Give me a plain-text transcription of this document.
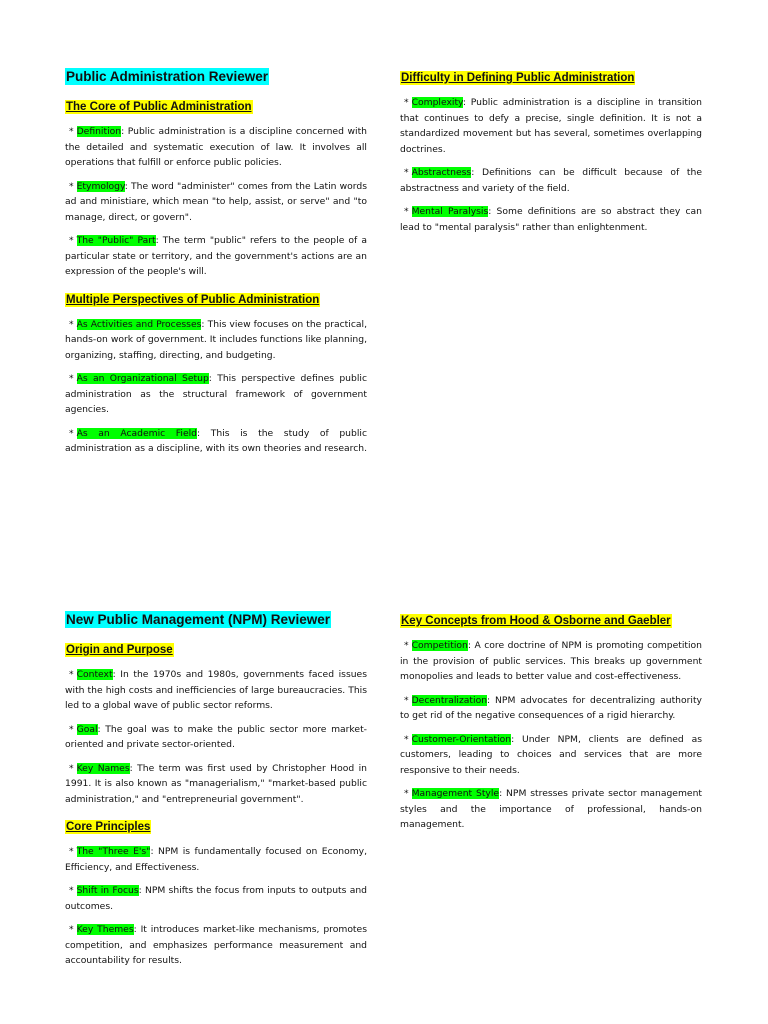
Public Administration Reviewer
The Core of Public Administration

* Definition: Public administration is a discipline concerned with the detailed and systematic execution of law. It involves all operations that fulfill or enforce public policies.

* Etymology: The word "administer" comes from the Latin words ad and ministiare, which mean "to help, assist, or serve" and "to manage, direct, or govern".

* The "Public" Part: The term "public" refers to the people of a particular state or territory, and the government's actions are an expression of the people's will.

Multiple Perspectives of Public Administration

* As Activities and Processes: This view focuses on the practical, hands-on work of government. It includes functions like planning, organizing, staffing, directing, and budgeting.

* As an Organizational Setup: This perspective defines public administration as the structural framework of government agencies.

* As an Academic Field: This is the study of public administration as a discipline, with its own theories and research.

Difficulty in Defining Public Administration

* Complexity: Public administration is a discipline in transition that continues to defy a precise, single definition. It is not a standardized movement but has several, sometimes overlapping doctrines.

* Abstractness: Definitions can be difficult because of the abstractness and variety of the field.

* Mental Paralysis: Some definitions are so abstract they can lead to "mental paralysis" rather than enlightenment.

New Public Management (NPM) Reviewer
Origin and Purpose

* Context: In the 1970s and 1980s, governments faced issues with the high costs and inefficiencies of large bureaucracies. This led to a global wave of public sector reforms.

* Goal: The goal was to make the public sector more market-oriented and private sector-oriented.

* Key Names: The term was first used by Christopher Hood in 1991. It is also known as "managerialism," "market-based public administration," and "entrepreneurial government".

Core Principles

* The "Three E's": NPM is fundamentally focused on Economy, Efficiency, and Effectiveness.

* Shift in Focus: NPM shifts the focus from inputs to outputs and outcomes.

* Key Themes: It introduces market-like mechanisms, promotes competition, and emphasizes performance measurement and accountability for results.

Key Concepts from Hood & Osborne and Gaebler

* Competition: A core doctrine of NPM is promoting competition in the provision of public services. This breaks up government monopolies and leads to better value and cost-effectiveness.

* Decentralization: NPM advocates for decentralizing authority to get rid of the negative consequences of a rigid hierarchy.

* Customer-Orientation: Under NPM, clients are defined as customers, leading to choices and services that are more responsive to their needs.

* Management Style: NPM stresses private sector management styles and the importance of professional, hands-on management.
